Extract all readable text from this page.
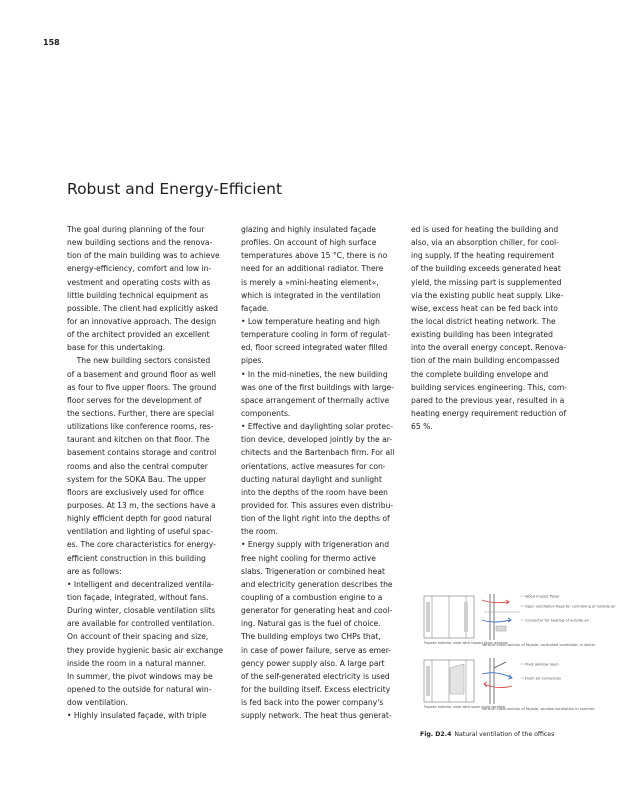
158
Robust and Energy-Efficient
The goal during planning of the four
new building sections and the renova-
tion of the main building was to achieve
energy-efficiency, comfort and low in-
vestment and operating costs with as
little building technical equipment as
possible. The client had explicitly asked
for an innovative approach. The design
of the architect provided an excellent
base for this undertaking.
The new building sectors consisted
of a basement and ground floor as well
as four to five upper floors. The ground
floor serves for the development of
the sections. Further, there are special
utilizations like conference rooms, res-
taurant and kitchen on that floor. The
basement contains storage and control
rooms and also the central computer
system for the SOKA Bau. The upper
floors are exclusively used for office
purposes. At 13 m, the sections have a
highly efficient depth for good natural
ventilation and lighting of useful spac-
es. The core characteristics for energy-
efficient construction in this building
are as follows:
• Intelligent and decentralized ventila-
tion façade, integrated, without fans.
During winter, closable ventilation slits
are available for controlled ventilation.
On account of their spacing and size,
they provide hygienic basic air exchange
inside the room in a natural manner.
In summer, the pivot windows may be
opened to the outside for natural win-
dow ventilation.
• Highly insulated façade, with triple
glazing and highly insulated façade
profiles. On account of high surface
temperatures above 15 °C, there is no
need for an additional radiator. There
is merely a »mini-heating element«,
which is integrated in the ventilation
façade.
• Low temperature heating and high
temperature cooling in form of regulat-
ed, floor screed integrated water filled
pipes.
• In the mid-nineties, the new building
was one of the first buildings with large-
space arrangement of thermally active
components.
• Effective and daylighting solar protec-
tion device, developed jointly by the ar-
chitects and the Bartenbach firm. For all
orientations, active measures for con-
ducting natural daylight and sunlight
into the depths of the room have been
provided for. This assures even distribu-
tion of the light right into the depths of
the room.
• Energy supply with trigeneration and
free night cooling for thermo active
slabs. Trigeneration or combined heat
and electricity generation describes the
coupling of a combustion engine to a
generator for generating heat and cool-
ing. Natural gas is the fuel of choice.
The building employs two CHPs that,
in case of power failure, serve as emer-
gency power supply also. A large part
of the self-generated electricity is used
for the building itself. Excess electricity
is fed back into the power company's
supply network. The heat thus generat-
ed is used for heating the building and
also, via an absorption chiller, for cool-
ing supply. If the heating requirement
of the building exceeds generated heat
yield, the missing part is supplemented
via the existing public heat supply. Like-
wise, excess heat can be fed back into
the local district heating network. The
existing building has been integrated
into the overall energy concept. Renova-
tion of the main building encompassed
the complete building envelope and
building services engineering. This, com-
pared to the previous year, resulted in a
heating energy requirement reduction of
65 %.
Façade exterior view with closed pivot window
Vertical cross-section of façade, controlled ventilation in winter
Wood impost Panel
Open ventilation flaps for controlling of outside air
Convector for heating of outside air
Façade exterior view with open pivot window
Vertical cross-section of façade, window ventilation in summer
Pivot window open
Fresh air convection
Fig. D2.4 Natural ventilation of the offices
